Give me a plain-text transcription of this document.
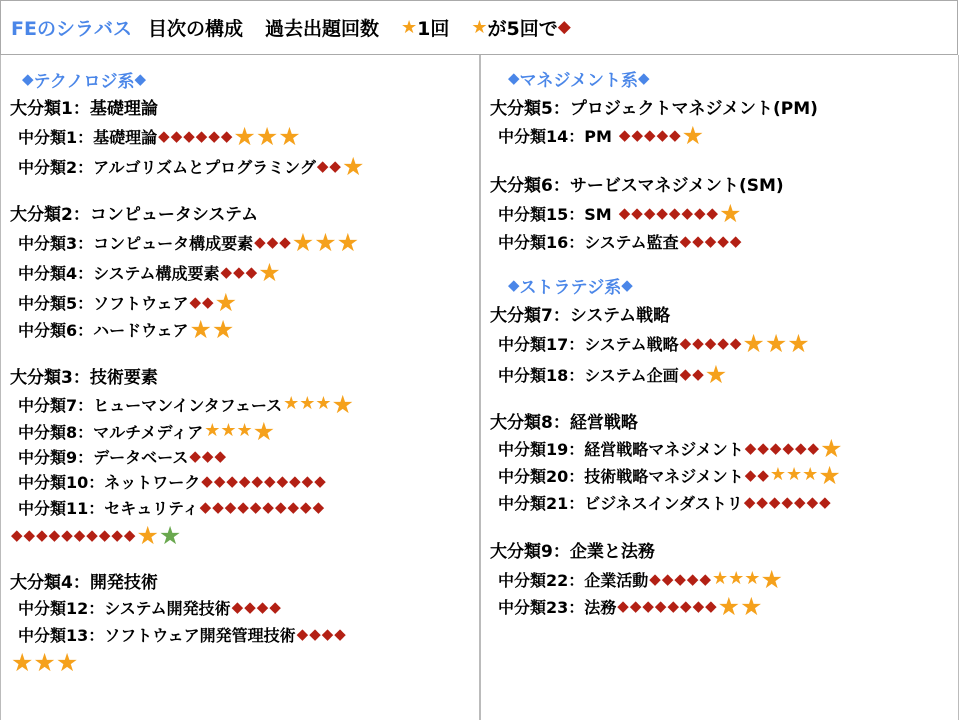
FEのシラバス 目次の構成 過去出題回数 ★ 1回 ★ が5回で ◆
◆ テクノロジ系 ◆
大分類1：基礎理論
中分類1：基礎理論 ◆ ◆ ◆ ◆ ◆ ◆ ★ ★ ★
中分類2：アルゴリズムとプログラミング ◆ ◆ ★
大分類2：コンピュータシステム
中分類3：コンピュータ構成要素 ◆ ◆ ◆ ★ ★ ★
中分類4：システム構成要素 ◆ ◆ ◆ ★
中分類5：ソフトウェア ◆ ◆ ★
中分類6：ハードウェア ★ ★
大分類3：技術要素
中分類7：ヒューマンインタフェース ★ ★ ★ ★
中分類8：マルチメディア ★ ★ ★ ★
中分類9：データベース ◆ ◆ ◆
中分類10：ネットワーク ◆ ◆ ◆ ◆ ◆ ◆ ◆ ◆ ◆ ◆
中分類11：セキュリティ ◆ ◆ ◆ ◆ ◆ ◆ ◆ ◆ ◆ ◆
◆ ◆ ◆ ◆ ◆ ◆ ◆ ◆ ◆ ◆ ★ ★
大分類4：開発技術
中分類12：システム開発技術 ◆ ◆ ◆ ◆
中分類13：ソフトウェア開発管理技術 ◆ ◆ ◆ ◆
★ ★ ★
◆ マネジメント系 ◆
大分類5：プロジェクトマネジメント(PM)
中分類14：PM ◆ ◆ ◆ ◆ ◆ ★
大分類6：サービスマネジメント(SM)
中分類15：SM ◆ ◆ ◆ ◆ ◆ ◆ ◆ ◆ ★
中分類16：システム監査 ◆ ◆ ◆ ◆ ◆
◆ ストラテジ系 ◆
大分類7：システム戦略
中分類17：システム戦略 ◆ ◆ ◆ ◆ ◆ ★ ★ ★
中分類18：システム企画 ◆ ◆ ★
大分類8：経営戦略
中分類19：経営戦略マネジメント ◆ ◆ ◆ ◆ ◆ ◆ ★
中分類20：技術戦略マネジメント ◆ ◆ ★ ★ ★ ★
中分類21：ビジネスインダストリ ◆ ◆ ◆ ◆ ◆ ◆ ◆
大分類9：企業と法務
中分類22：企業活動 ◆ ◆ ◆ ◆ ◆ ★ ★ ★ ★
中分類23：法務 ◆ ◆ ◆ ◆ ◆ ◆ ◆ ◆ ★ ★
